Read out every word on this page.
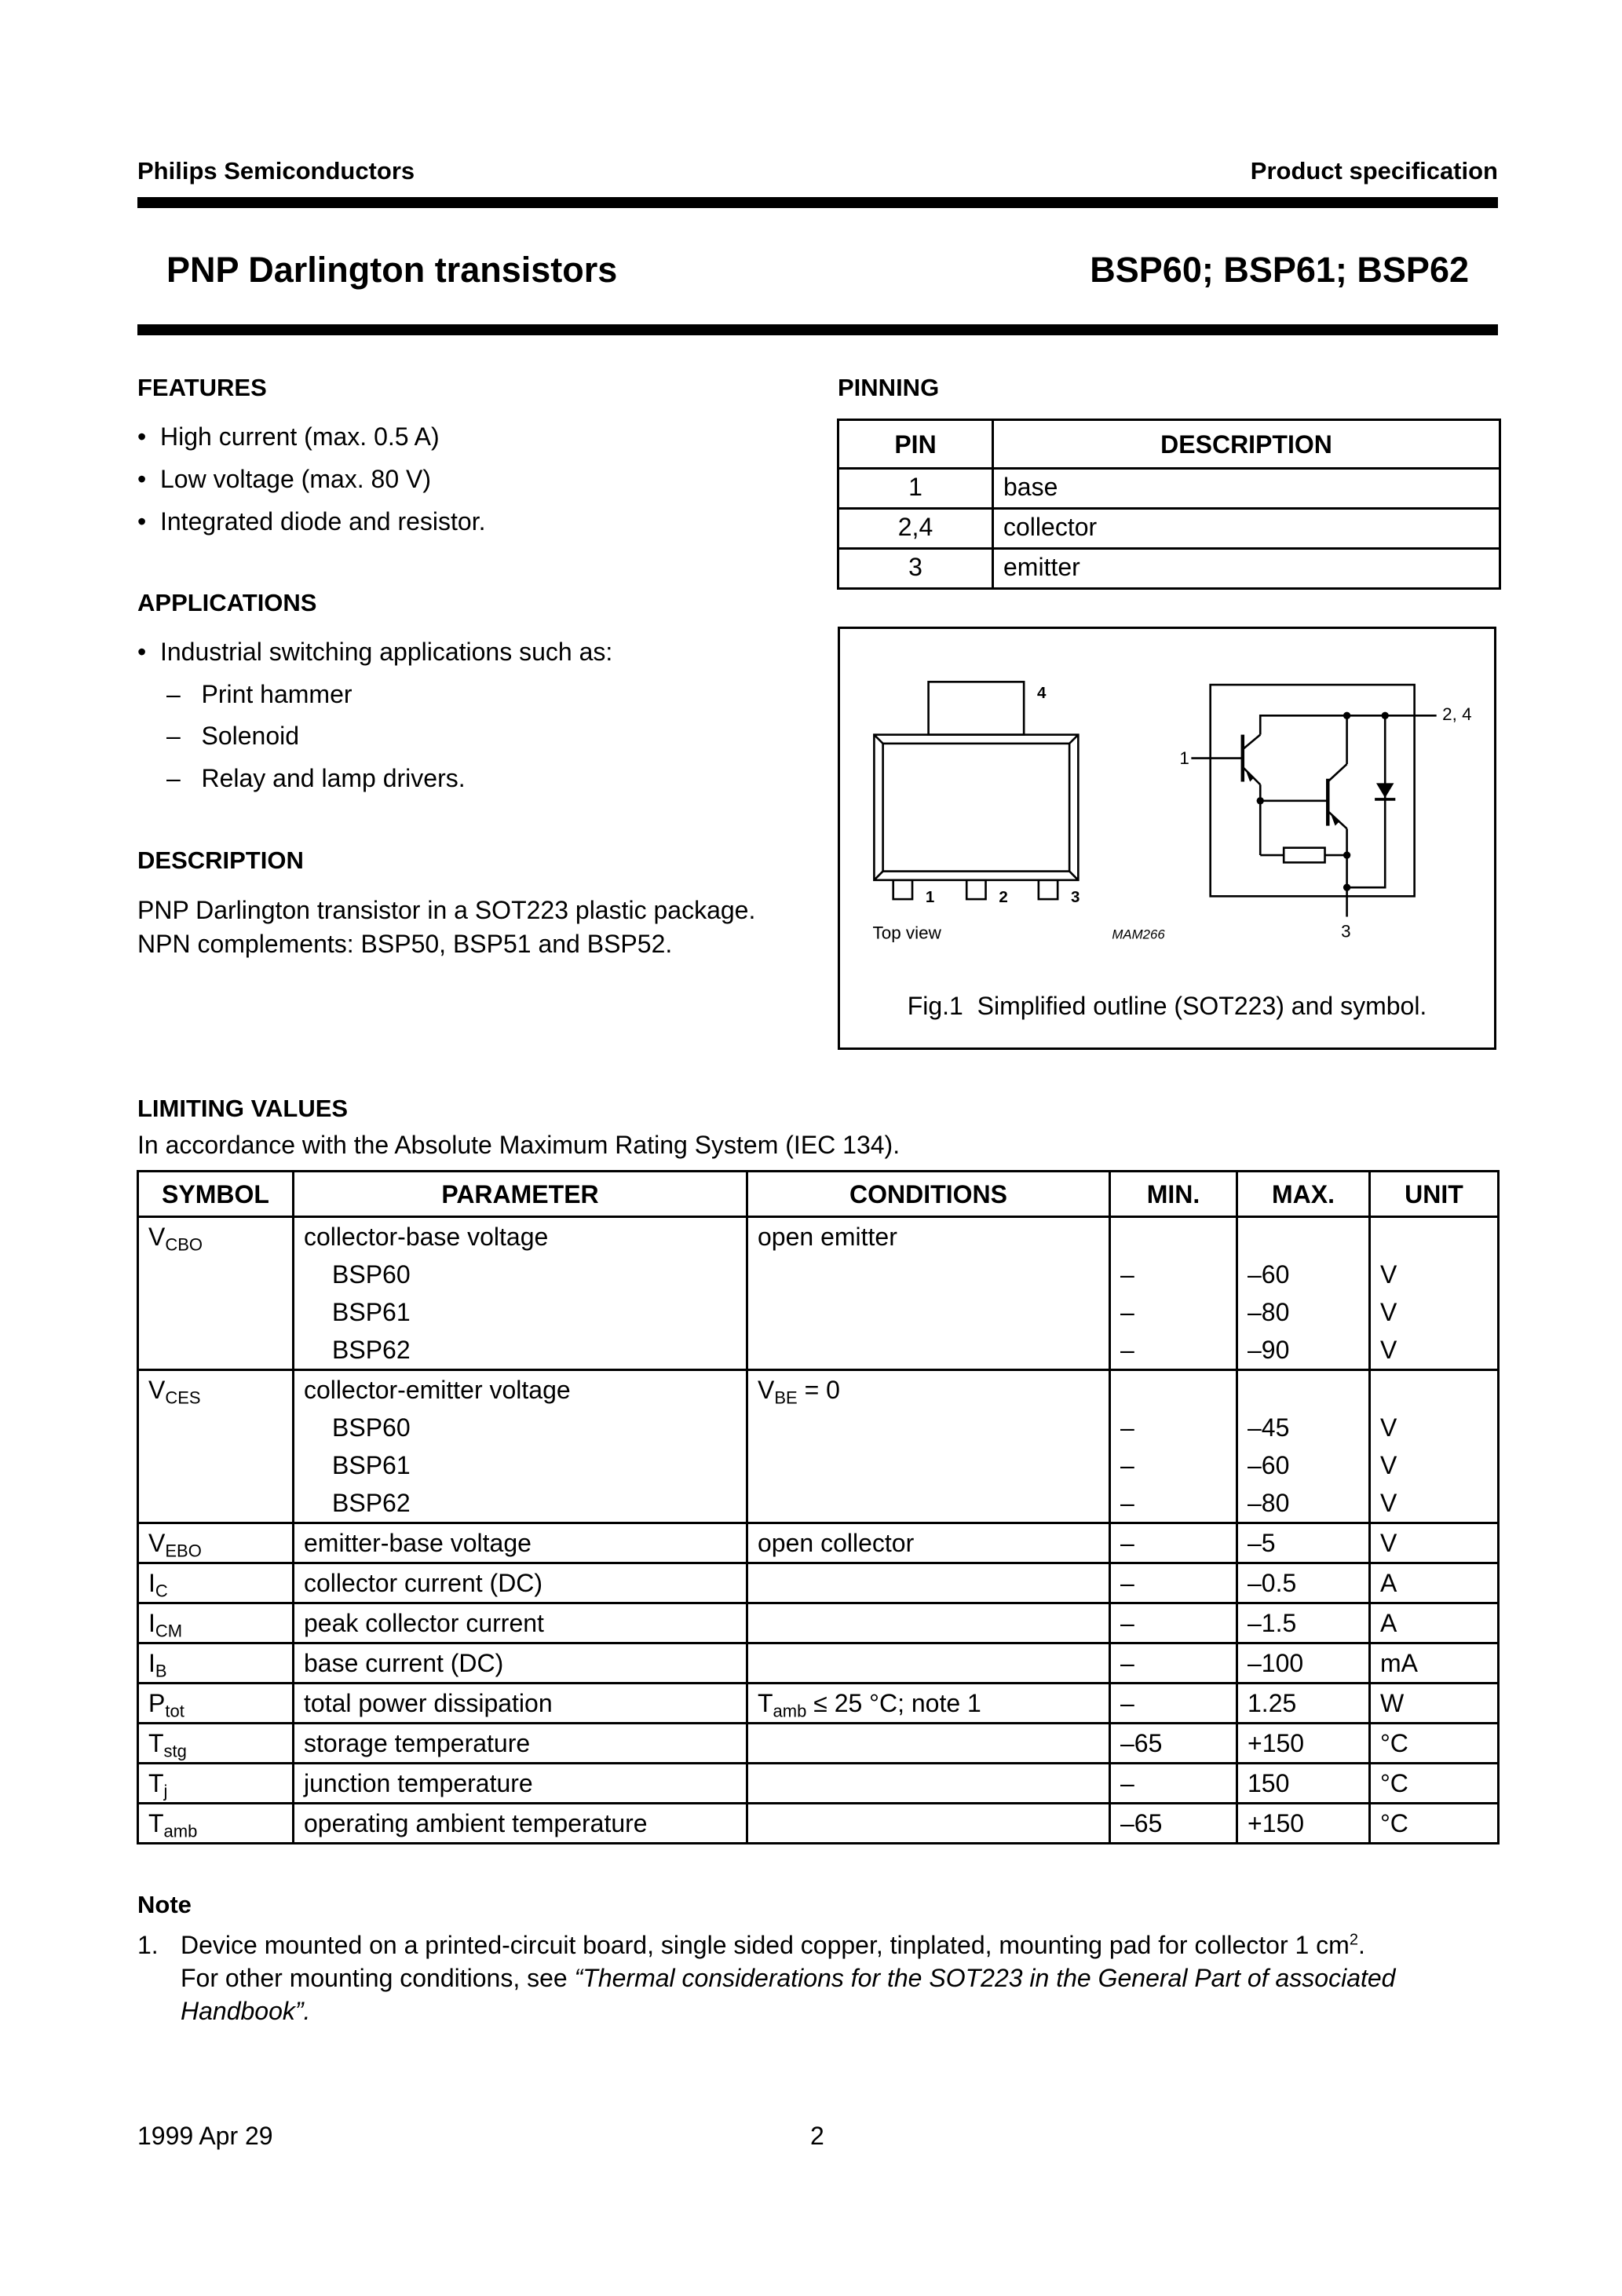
Philips Semiconductors	Product specification
PNP Darlington transistors	BSP60; BSP61; BSP62
FEATURES
•  High current (max. 0.5 A)
•  Low voltage (max. 80 V)
•  Integrated diode and resistor.
APPLICATIONS
•  Industrial switching applications such as:
–   Print hammer
–   Solenoid
–   Relay and lamp drivers.
DESCRIPTION
PNP Darlington transistor in a SOT223 plastic package.
NPN complements: BSP50, BSP51 and BSP52.
PINNING
PIN	DESCRIPTION
1	base
2,4	collector
3	emitter
4
1	2	3
1
2, 4
3
Top view	MAM266
Fig.1  Simplified outline (SOT223) and symbol.
LIMITING VALUES
In accordance with the Absolute Maximum Rating System (IEC 134).
SYMBOL	PARAMETER	CONDITIONS	MIN.	MAX.	UNIT
$V_{CBO}$	collector-base voltage	open emitter			
	BSP60		–	–60	V
	BSP61		–	–80	V
	BSP62		–	–90	V
$V_{CES}$	collector-emitter voltage	$V_{BE} = 0$			
	BSP60		–	–45	V
	BSP61		–	–60	V
	BSP62		–	–80	V
$V_{EBO}$	emitter-base voltage	open collector	–	–5	V
$I_C$	collector current (DC)		–	–0.5	A
$I_{CM}$	peak collector current		–	–1.5	A
$I_B$	base current (DC)		–	–100	mA
$P_{tot}$	total power dissipation	$T_{amb} \le 25$ °C; note 1	–	1.25	W
$T_{stg}$	storage temperature		–65	+150	°C
$T_j$	junction temperature		–	150	°C
$T_{amb}$	operating ambient temperature		–65	+150	°C
Note
1. Device mounted on a printed-circuit board, single sided copper, tinplated, mounting pad for collector 1 $cm^2$.
For other mounting conditions, see “Thermal considerations for the SOT223 in the General Part of associated
Handbook”.
1999 Apr 29	2
